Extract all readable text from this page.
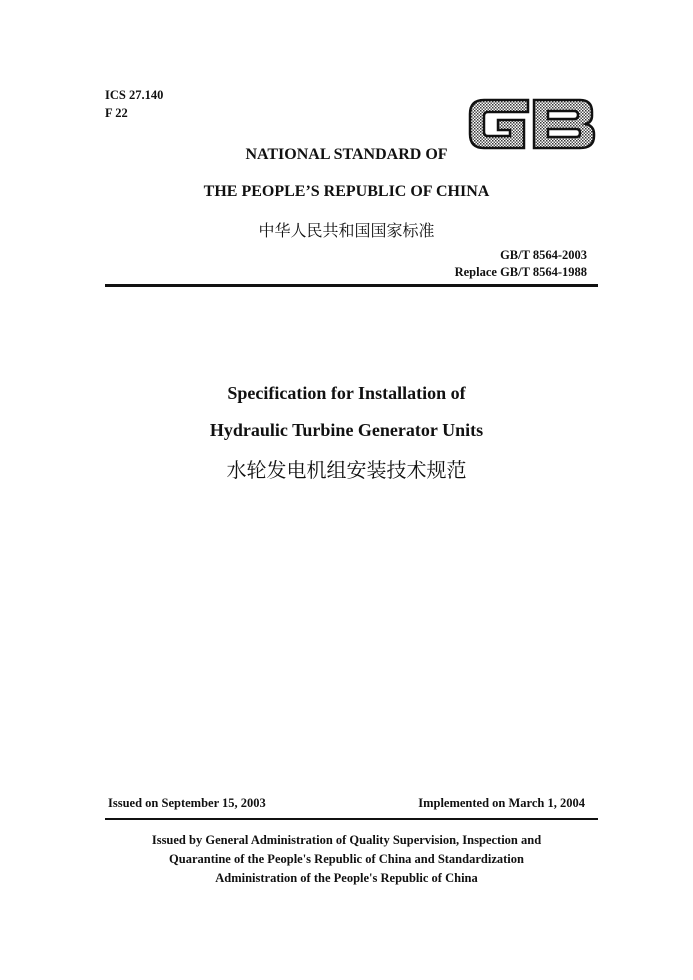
ICS 27.140
F 22
NATIONAL STANDARD OF
THE PEOPLE’S REPUBLIC OF CHINA
中华人民共和国国家标准
GB/T 8564-2003
Replace GB/T 8564-1988
Specification for Installation of
Hydraulic Turbine Generator Units
水轮发电机组安装技术规范
Issued on September 15, 2003	Implemented on March 1, 2004
Issued by General Administration of Quality Supervision, Inspection and
Quarantine of the People's Republic of China and Standardization
Administration of the People's Republic of China
